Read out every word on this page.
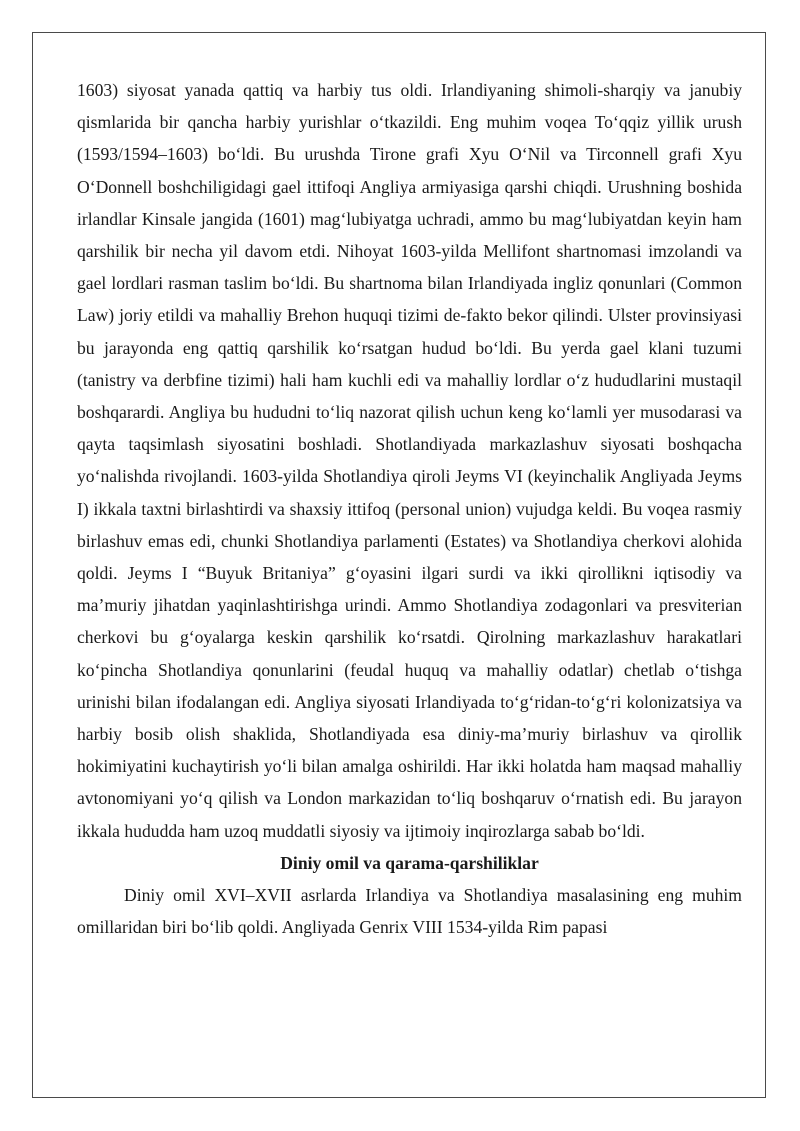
1603) siyosat yanada qattiq va harbiy tus oldi. Irlandiyaning shimoli-sharqiy va janubiy qismlarida bir qancha harbiy yurishlar o‘tkazildi. Eng muhim voqea To‘qqiz yillik urush (1593/1594–1603) bo‘ldi. Bu urushda Tirone grafi Xyu O‘Nil va Tirconnell grafi Xyu O‘Donnell boshchiligidagi gael ittifoqi Angliya armiyasiga qarshi chiqdi. Urushning boshida irlandlar Kinsale jangida (1601) mag‘lubiyatga uchradi, ammo bu mag‘lubiyatdan keyin ham qarshilik bir necha yil davom etdi. Nihoyat 1603-yilda Mellifont shartnomasi imzolandi va gael lordlari rasman taslim bo‘ldi. Bu shartnoma bilan Irlandiyada ingliz qonunlari (Common Law) joriy etildi va mahalliy Brehon huquqi tizimi de-fakto bekor qilindi. Ulster provinsiyasi bu jarayonda eng qattiq qarshilik ko‘rsatgan hudud bo‘ldi. Bu yerda gael klani tuzumi (tanistry va derbfine tizimi) hali ham kuchli edi va mahalliy lordlar o‘z hududlarini mustaqil boshqarardi. Angliya bu hududni to‘liq nazorat qilish uchun keng ko‘lamli yer musodarasi va qayta taqsimlash siyosatini boshladi. Shotlandiyada markazlashuv siyosati boshqacha yo‘nalishda rivojlandi. 1603-yilda Shotlandiya qiroli Jeyms VI (keyinchalik Angliyada Jeyms I) ikkala taxtni birlashtirdi va shaxsiy ittifoq (personal union) vujudga keldi. Bu voqea rasmiy birlashuv emas edi, chunki Shotlandiya parlamenti (Estates) va Shotlandiya cherkovi alohida qoldi. Jeyms I “Buyuk Britaniya” g‘oyasini ilgari surdi va ikki qirollikni iqtisodiy va ma’muriy jihatdan yaqinlashtirishga urindi. Ammo Shotlandiya zodagonlari va presviterian cherkovi bu g‘oyalarga keskin qarshilik ko‘rsatdi. Qirolning markazlashuv harakatlari ko‘pincha Shotlandiya qonunlarini (feudal huquq va mahalliy odatlar) chetlab o‘tishga urinishi bilan ifodalangan edi. Angliya siyosati Irlandiyada to‘g‘ridan-to‘g‘ri kolonizatsiya va harbiy bosib olish shaklida, Shotlandiyada esa diniy-ma’muriy birlashuv va qirollik hokimiyatini kuchaytirish yo‘li bilan amalga oshirildi. Har ikki holatda ham maqsad mahalliy avtonomiyani yo‘q qilish va London markazidan to‘liq boshqaruv o‘rnatish edi. Bu jarayon ikkala hududda ham uzoq muddatli siyosiy va ijtimoiy inqirozlarga sabab bo‘ldi.

Diniy omil va qarama-qarshiliklar

Diniy omil XVI–XVII asrlarda Irlandiya va Shotlandiya masalasining eng muhim omillaridan biri bo‘lib qoldi. Angliyada Genrix VIII 1534-yilda Rim papasi
